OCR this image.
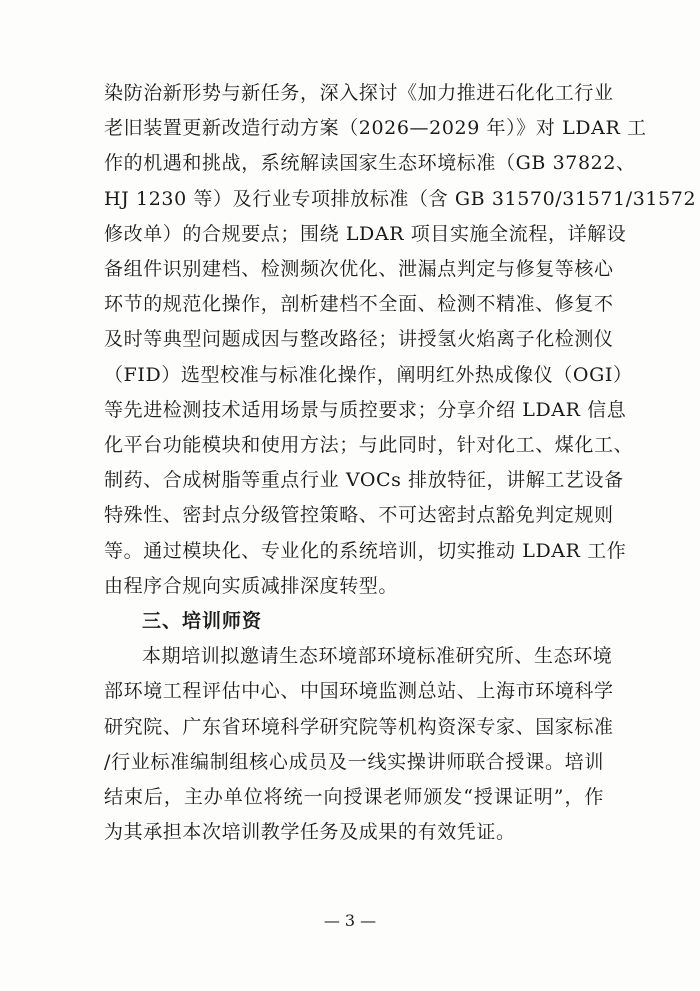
染防治新形势与新任务，深入探讨《加力推进石化化工行业
老旧装置更新改造行动方案（2026—2029 年）》对 LDAR 工
作的机遇和挑战，系统解读国家生态环境标准（GB 37822、
HJ 1230 等）及行业专项排放标准（含 GB 31570/31571/31572
修改单）的合规要点；围绕 LDAR 项目实施全流程，详解设
备组件识别建档、检测频次优化、泄漏点判定与修复等核心
环节的规范化操作，剖析建档不全面、检测不精准、修复不
及时等典型问题成因与整改路径；讲授氢火焰离子化检测仪
（FID）选型校准与标准化操作，阐明红外热成像仪（OGI）
等先进检测技术适用场景与质控要求；分享介绍 LDAR 信息
化平台功能模块和使用方法；与此同时，针对化工、煤化工、
制药、合成树脂等重点行业 VOCs 排放特征，讲解工艺设备
特殊性、密封点分级管控策略、不可达密封点豁免判定规则
等。通过模块化、专业化的系统培训，切实推动 LDAR 工作
由程序合规向实质减排深度转型。
三、培训师资
本期培训拟邀请生态环境部环境标准研究所、生态环境
部环境工程评估中心、中国环境监测总站、上海市环境科学
研究院、广东省环境科学研究院等机构资深专家、国家标准
/行业标准编制组核心成员及一线实操讲师联合授课。培训
结束后，主办单位将统一向授课老师颁发“授课证明”，作
为其承担本次培训教学任务及成果的有效凭证。
— 3 —
